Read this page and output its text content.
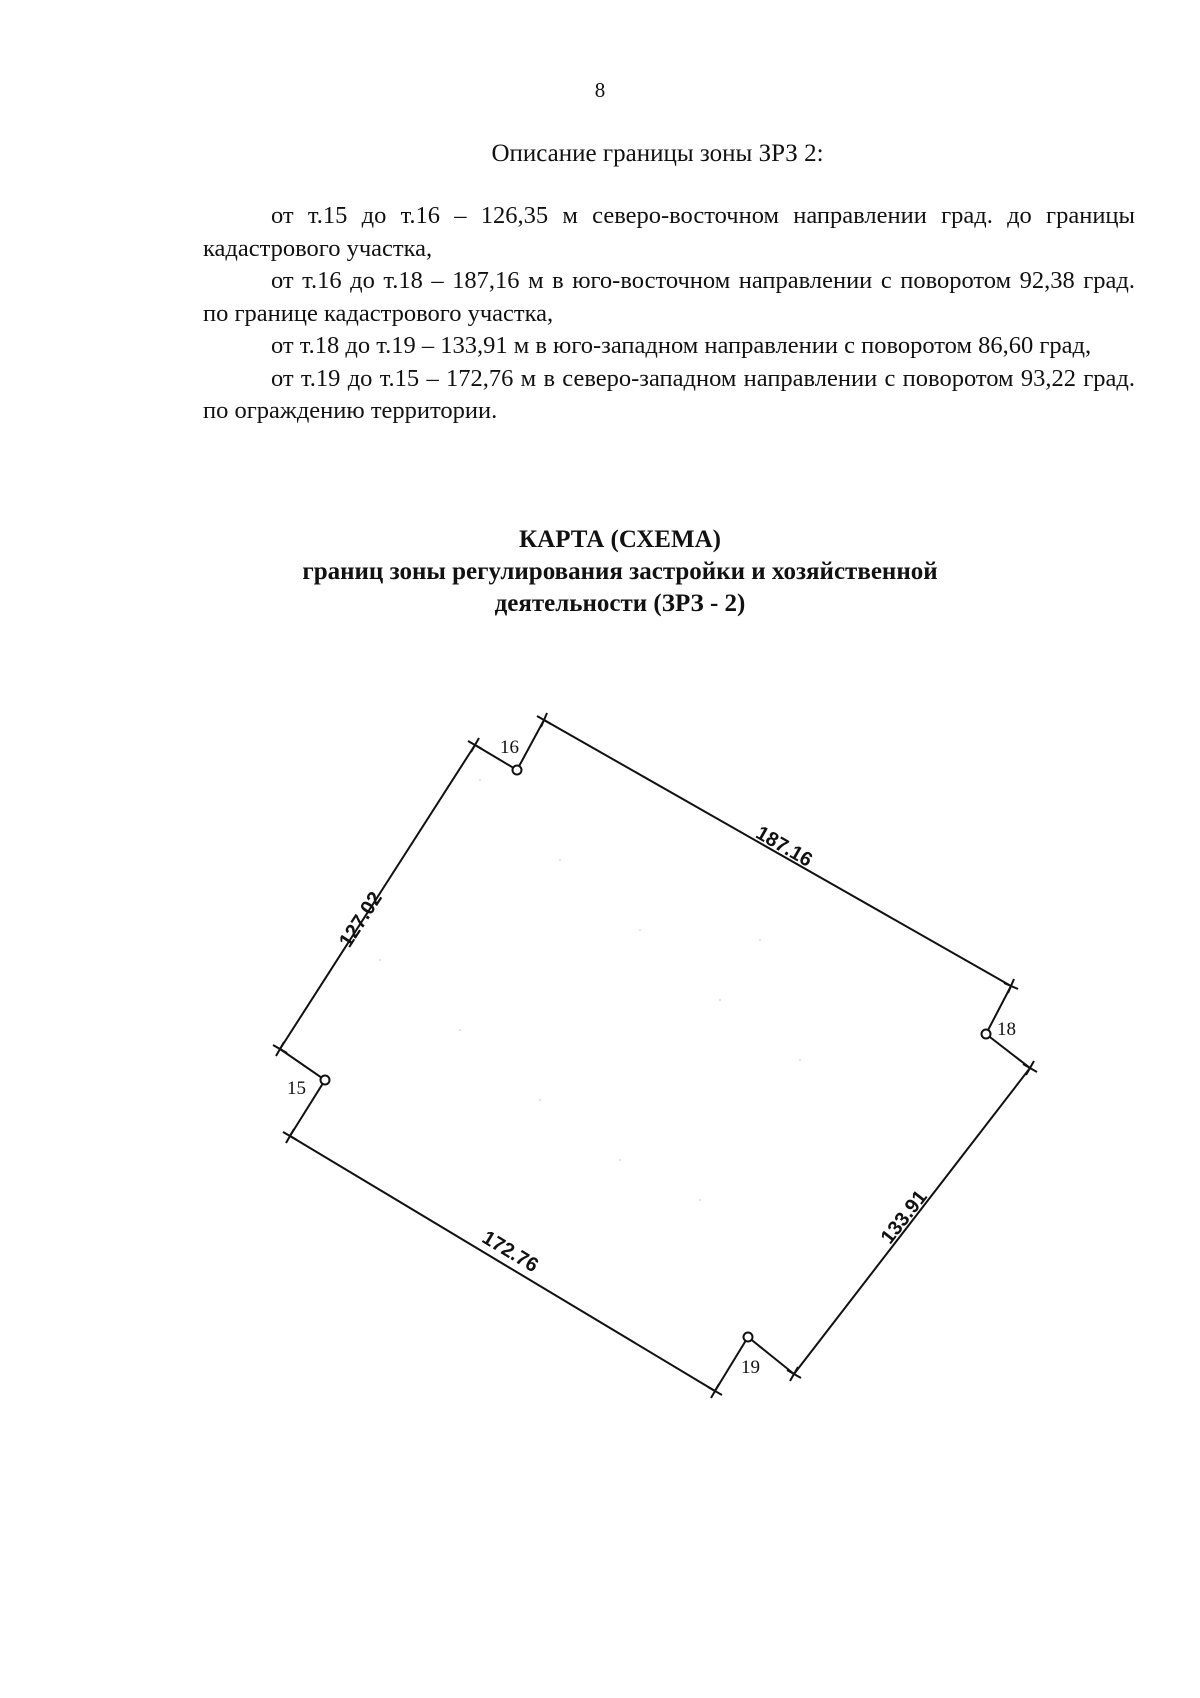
8
Описание границы зоны ЗРЗ 2:

от т.15 до т.16 – 126,35 м северо-восточном направлении град. до границы кадастрового участка,

от т.16 до т.18 – 187,16 м в юго-восточном направлении с поворотом 92,38 град. по границе кадастрового участка,

от т.18 до т.19 – 133,91 м в юго-западном направлении с поворотом 86,60 град,

от т.19 до т.15 – 172,76 м в северо-западном направлении с поворотом 93,22 град. по ограждению территории.

КАРТА (СХЕМА)
границ зоны регулирования застройки и хозяйственной
деятельности (ЗРЗ - 2)
16
18
15
19
127.02
187.16
133.91
172.76
